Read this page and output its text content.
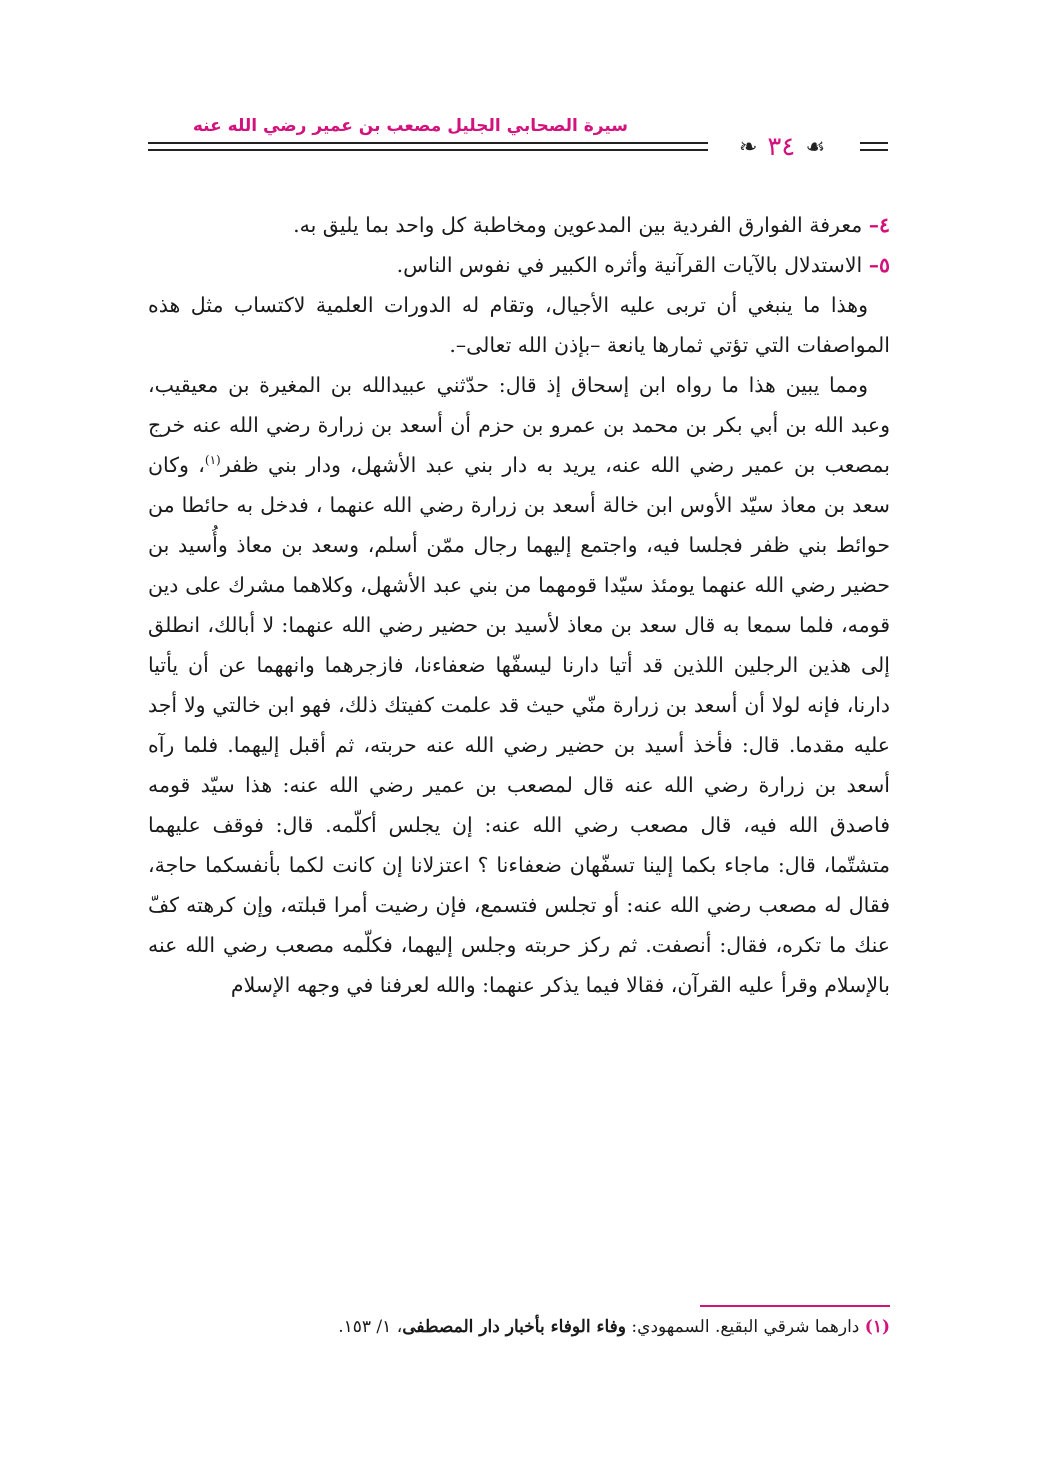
سيرة الصحابي الجليل مصعب بن عمير رضي الله عنه
❧ ٣٤ ☙

٤– معرفة الفوارق الفردية بين المدعوين ومخاطبة كل واحد بما يليق به.

٥– الاستدلال بالآيات القرآنية وأثره الكبير في نفوس الناس.

وهذا ما ينبغي أن تربى عليه الأجيال، وتقام له الدورات العلمية لاكتساب مثل هذه المواصفات التي تؤتي ثمارها يانعة –بإذن الله تعالى–.

ومما يبين هذا ما رواه ابن إسحاق إذ قال: حدّثني عبيدالله بن المغيرة بن معيقيب، وعبد الله بن أبي بكر بن محمد بن عمرو بن حزم أن أسعد بن زرارة رضي الله عنه خرج بمصعب بن عمير رضي الله عنه، يريد به دار بني عبد الأشهل، ودار بني ظفر$^{(١)}$، وكان سعد بن معاذ سيّد الأوس ابن خالة أسعد بن زرارة رضي الله عنهما ، فدخل به حائطا من حوائط بني ظفر فجلسا فيه، واجتمع إليهما رجال ممّن أسلم، وسعد بن معاذ وأُسيد بن حضير رضي الله عنهما يومئذ سيّدا قومهما من بني عبد الأشهل، وكلاهما مشرك على دين قومه، فلما سمعا به قال سعد بن معاذ لأسيد بن حضير رضي الله عنهما: لا أبالك، انطلق إلى هذين الرجلين اللذين قد أتيا دارنا ليسفّها ضعفاءنا، فازجرهما وانههما عن أن يأتيا دارنا، فإنه لولا أن أسعد بن زرارة منّي حيث قد علمت كفيتك ذلك، فهو ابن خالتي ولا أجد عليه مقدما. قال: فأخذ أسيد بن حضير رضي الله عنه حربته، ثم أقبل إليهما. فلما رآه أسعد بن زرارة رضي الله عنه قال لمصعب بن عمير رضي الله عنه: هذا سيّد قومه فاصدق الله فيه، قال مصعب رضي الله عنه: إن يجلس أكلّمه. قال: فوقف عليهما متشتّما، قال: ماجاء بكما إلينا تسفّهان ضعفاءنا ؟ اعتزلانا إن كانت لكما بأنفسكما حاجة، فقال له مصعب رضي الله عنه: أو تجلس فتسمع، فإن رضيت أمرا قبلته، وإن كرهته كفّ عنك ما تكره، فقال: أنصفت. ثم ركز حربته وجلس إليهما، فكلّمه مصعب رضي الله عنه بالإسلام وقرأ عليه القرآن، فقالا فيما يذكر عنهما: والله لعرفنا في وجهه الإسلام

(١) دارهما شرقي البقيع. السمهودي: وفاء الوفاء بأخبار دار المصطفى، ١/ ١٥٣.
